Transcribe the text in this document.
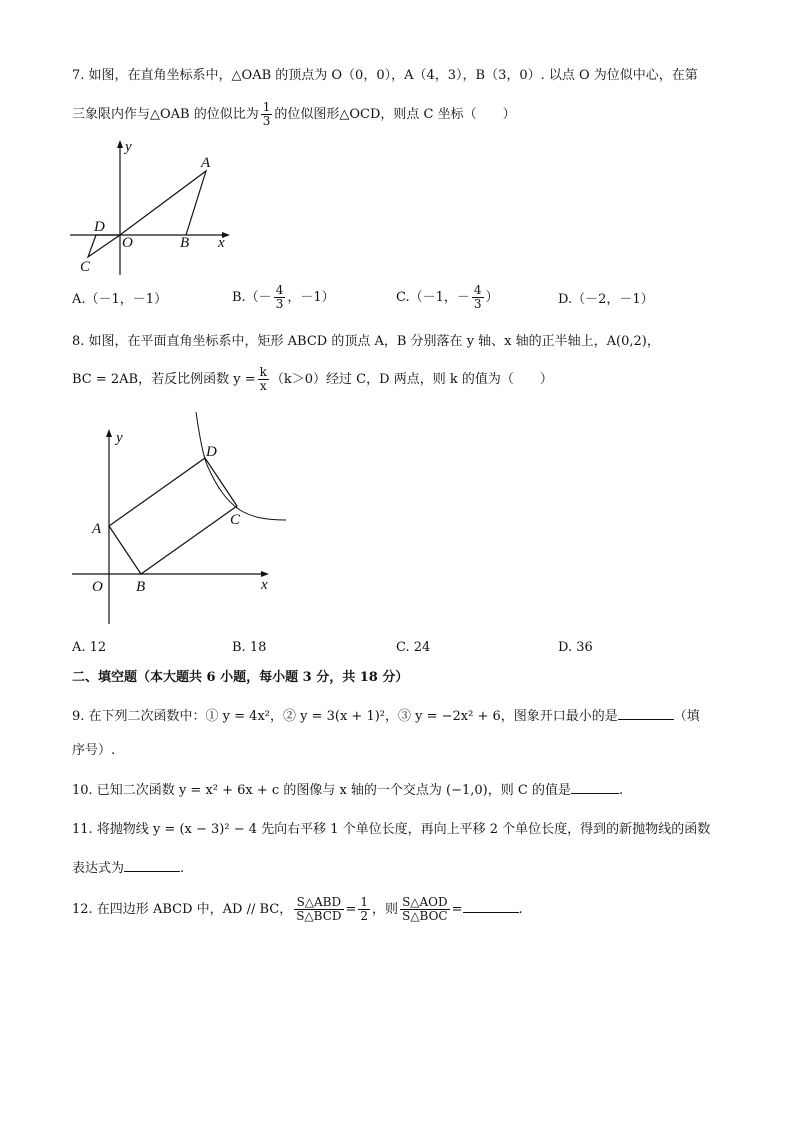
7. 如图，在直角坐标系中，△OAB 的顶点为 O（0，0），A（4，3），B（3，0）. 以点 O 为位似中心，在第
三象限内作与△OAB 的位似比为 $\frac{1}{3}$ 的位似图形△OCD，则点 C 坐标（　　）
y
A
D
O	B x
C
A.（－1，－1）	$B.(- \frac{4}{3}$ ，－1）	C.（－1，－ $\frac{4}{3}$ ）	D.（－2，－1）
8. 如图，在平面直角坐标系中，矩形 ABCD 的顶点 A，B 分别落在 y 轴、x 轴的正半轴上，A(0,2)，
BC = 2AB，若反比例函数 $y = \frac{k}{x} (k>0)$经过 C，D 两点，则 k 的值为（　　）
y
D
A
C
O B	x
A. 12	B. 18	C. 24	D. 36
二、填空题（本大题共 6 小题，每小题 3 分，共 18 分）
9. 在下列二次函数中：① y = 4x²，② y = 3(x + 1)²，③ y = −2x² + 6，图象开口最小的是	（填
序号）.
10. 已知二次函数 y = x² + 6x + c 的图像与 x 轴的一个交点为 (−1,0)，则 C 的值是	.
11. 将抛物线 y = (x − 3)² − 4 先向右平移 1 个单位长度，再向上平移 2 个单位长度，得到的新抛物线的函数
表达式为	.
12. 在四边形 ABCD 中，AD // BC， $\frac{\text{S△ABD}}{\text{S△BCD}} = \frac{1}{2}$ ，则 $\frac{\text{S△AOD}}{\text{S△BOC}}$ =	.
